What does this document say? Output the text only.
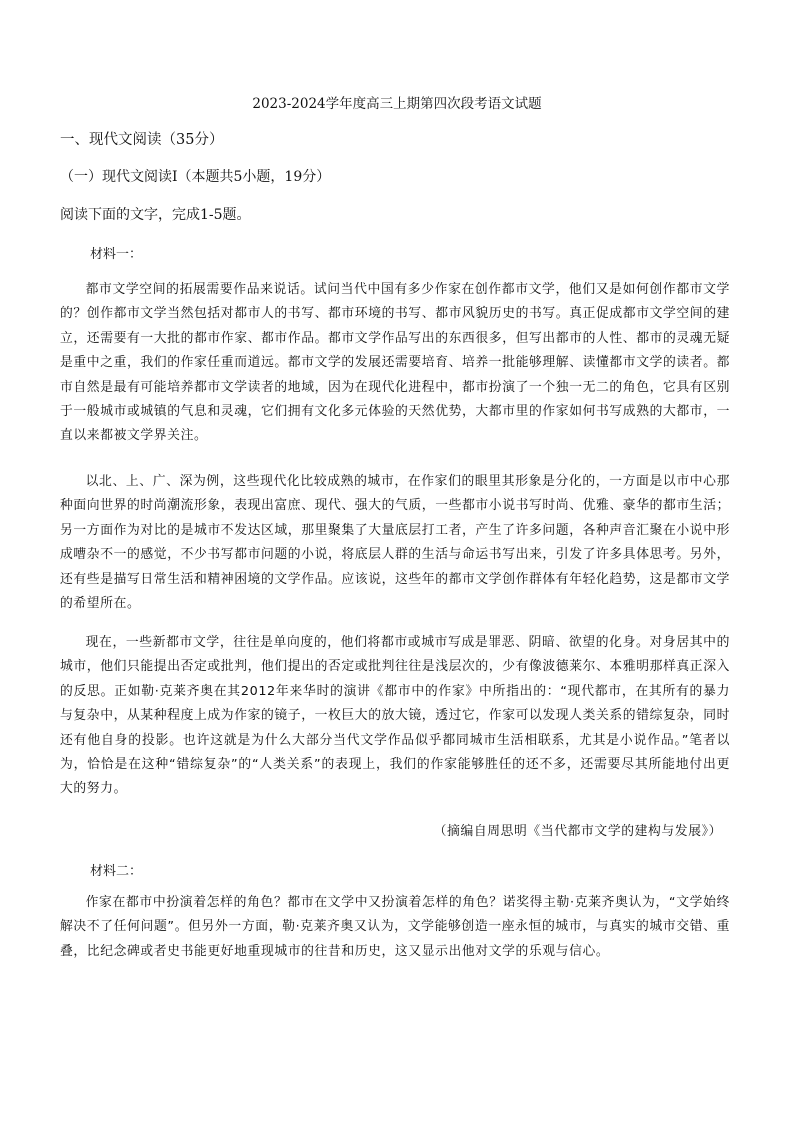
2023-2024学年度高三上期第四次段考语文试题
一、现代文阅读（35分）
（一）现代文阅读Ⅰ（本题共5小题，19分）
阅读下面的文字，完成1-5题。
材料一：
都市文学空间的拓展需要作品来说话。试问当代中国有多少作家在创作都市文学，他们又是如何创作都市文学的？创作都市文学当然包括对都市人的书写、都市环境的书写、都市风貌历史的书写。真正促成都市文学空间的建立，还需要有一大批的都市作家、都市作品。都市文学作品写出的东西很多，但写出都市的人性、都市的灵魂无疑是重中之重，我们的作家任重而道远。都市文学的发展还需要培育、培养一批能够理解、读懂都市文学的读者。都市自然是最有可能培养都市文学读者的地域，因为在现代化进程中，都市扮演了一个独一无二的角色，它具有区别于一般城市或城镇的气息和灵魂，它们拥有文化多元体验的天然优势，大都市里的作家如何书写成熟的大都市，一直以来都被文学界关注。
以北、上、广、深为例，这些现代化比较成熟的城市，在作家们的眼里其形象是分化的，一方面是以市中心那种面向世界的时尚潮流形象，表现出富庶、现代、强大的气质，一些都市小说书写时尚、优雅、豪华的都市生活；另一方面作为对比的是城市不发达区域，那里聚集了大量底层打工者，产生了许多问题，各种声音汇聚在小说中形成嘈杂不一的感觉，不少书写都市问题的小说，将底层人群的生活与命运书写出来，引发了许多具体思考。另外，还有些是描写日常生活和精神困境的文学作品。应该说，这些年的都市文学创作群体有年轻化趋势，这是都市文学的希望所在。
现在，一些新都市文学，往往是单向度的，他们将都市或城市写成是罪恶、阴暗、欲望的化身。对身居其中的城市，他们只能提出否定或批判，他们提出的否定或批判往往是浅层次的，少有像波德莱尔、本雅明那样真正深入的反思。正如勒·克莱齐奥在其2012年来华时的演讲《都市中的作家》中所指出的：“现代都市，在其所有的暴力与复杂中，从某种程度上成为作家的镜子，一枚巨大的放大镜，透过它，作家可以发现人类关系的错综复杂，同时还有他自身的投影。也许这就是为什么大部分当代文学作品似乎都同城市生活相联系，尤其是小说作品。”笔者以为，恰恰是在这种“错综复杂”的“人类关系”的表现上，我们的作家能够胜任的还不多，还需要尽其所能地付出更大的努力。
（摘编自周思明《当代都市文学的建构与发展》）
材料二：
作家在都市中扮演着怎样的角色？都市在文学中又扮演着怎样的角色？诺奖得主勒·克莱齐奥认为，“文学始终解决不了任何问题”。但另外一方面，勒·克莱齐奥又认为，文学能够创造一座永恒的城市，与真实的城市交错、重叠，比纪念碑或者史书能更好地重现城市的往昔和历史，这又显示出他对文学的乐观与信心。
